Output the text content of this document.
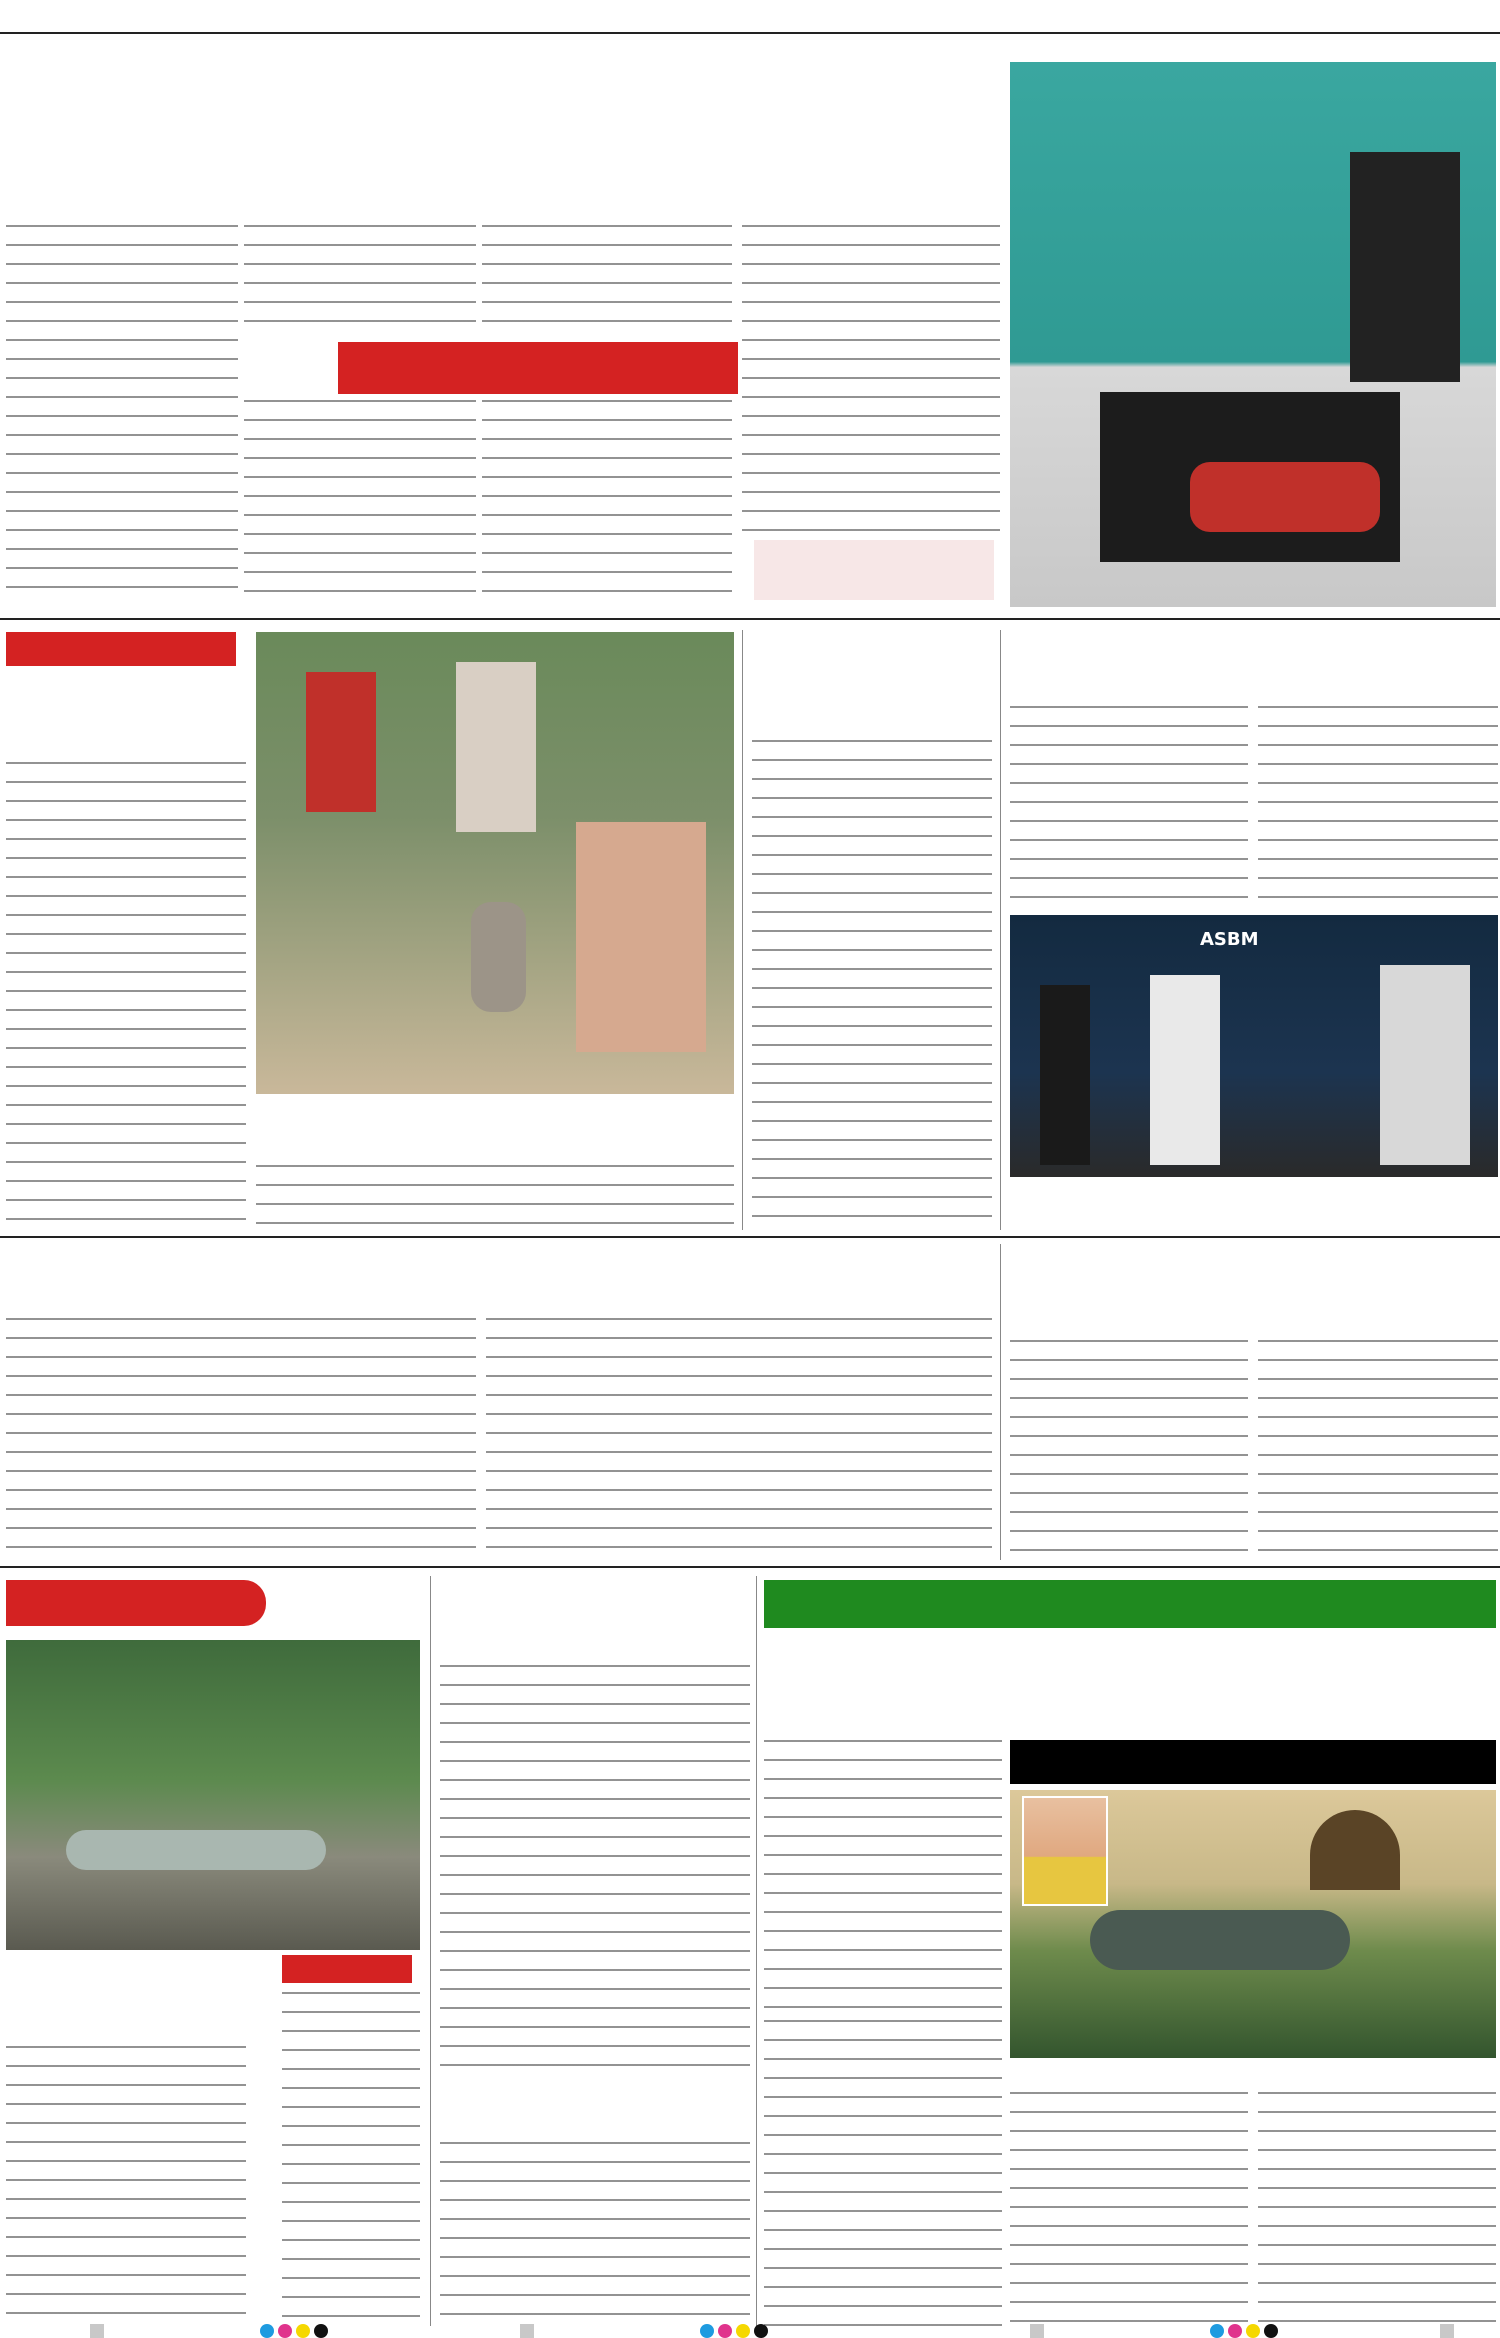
ASBM
